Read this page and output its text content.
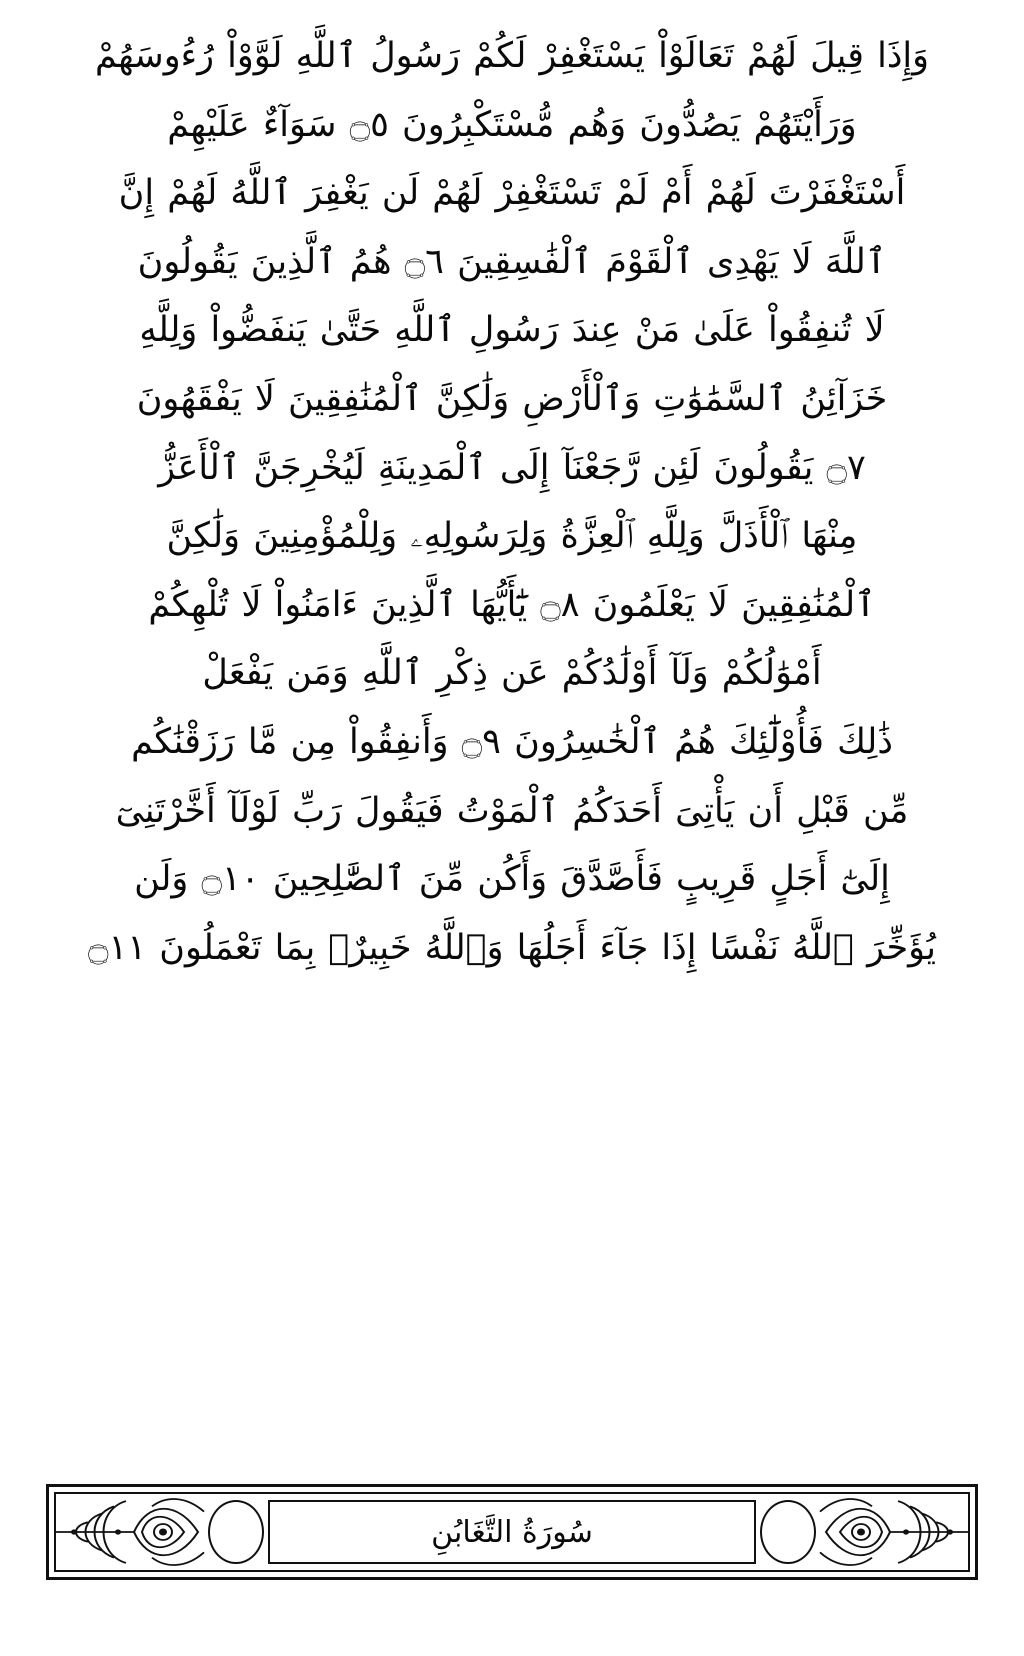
وَإِذَا قِيلَ لَهُمْ تَعَالَوْاْ يَسْتَغْفِرْ لَكُمْ رَسُولُ ٱللَّهِ لَوَّوْاْ رُءُوسَهُمْ
وَرَأَيْتَهُمْ يَصُدُّونَ وَهُم مُّسْتَكْبِرُونَ ۝٥ سَوَآءٌ عَلَيْهِمْ
أَسْتَغْفَرْتَ لَهُمْ أَمْ لَمْ تَسْتَغْفِرْ لَهُمْ لَن يَغْفِرَ ٱللَّهُ لَهُمْ إِنَّ
ٱللَّهَ لَا يَهْدِى ٱلْقَوْمَ ٱلْفَٰسِقِينَ ۝٦ هُمُ ٱلَّذِينَ يَقُولُونَ
لَا تُنفِقُواْ عَلَىٰ مَنْ عِندَ رَسُولِ ٱللَّهِ حَتَّىٰ يَنفَضُّواْ وَلِلَّهِ
خَزَآئِنُ ٱلسَّمَٰوَٰتِ وَٱلْأَرْضِ وَلَٰكِنَّ ٱلْمُنَٰفِقِينَ لَا يَفْقَهُونَ
۝٧ يَقُولُونَ لَئِن رَّجَعْنَآ إِلَى ٱلْمَدِينَةِ لَيُخْرِجَنَّ ٱلْأَعَزُّ
مِنْهَا ٱلْأَذَلَّ وَلِلَّهِ ٱلْعِزَّةُ وَلِرَسُولِهِۦ وَلِلْمُؤْمِنِينَ وَلَٰكِنَّ
ٱلْمُنَٰفِقِينَ لَا يَعْلَمُونَ ۝٨ يَٰٓأَيُّهَا ٱلَّذِينَ ءَامَنُواْ لَا تُلْهِكُمْ
أَمْوَٰلُكُمْ وَلَآ أَوْلَٰدُكُمْ عَن ذِكْرِ ٱللَّهِ وَمَن يَفْعَلْ
ذَٰلِكَ فَأُوْلَٰٓئِكَ هُمُ ٱلْخَٰسِرُونَ ۝٩ وَأَنفِقُواْ مِن مَّا رَزَقْنَٰكُم
مِّن قَبْلِ أَن يَأْتِىَ أَحَدَكُمُ ٱلْمَوْتُ فَيَقُولَ رَبِّ لَوْلَآ أَخَّرْتَنِىٓ
إِلَىٰٓ أَجَلٍ قَرِيبٍ فَأَصَّدَّقَ وَأَكُن مِّنَ ٱلصَّٰلِحِينَ ۝١٠ وَلَن
يُؤَخِّرَ ٱللَّهُ نَفْسًا إِذَا جَآءَ أَجَلُهَا وَٱللَّهُ خَبِيرٌۢ بِمَا تَعْمَلُونَ ۝١١
سُورَةُ التَّغَابُنِ
